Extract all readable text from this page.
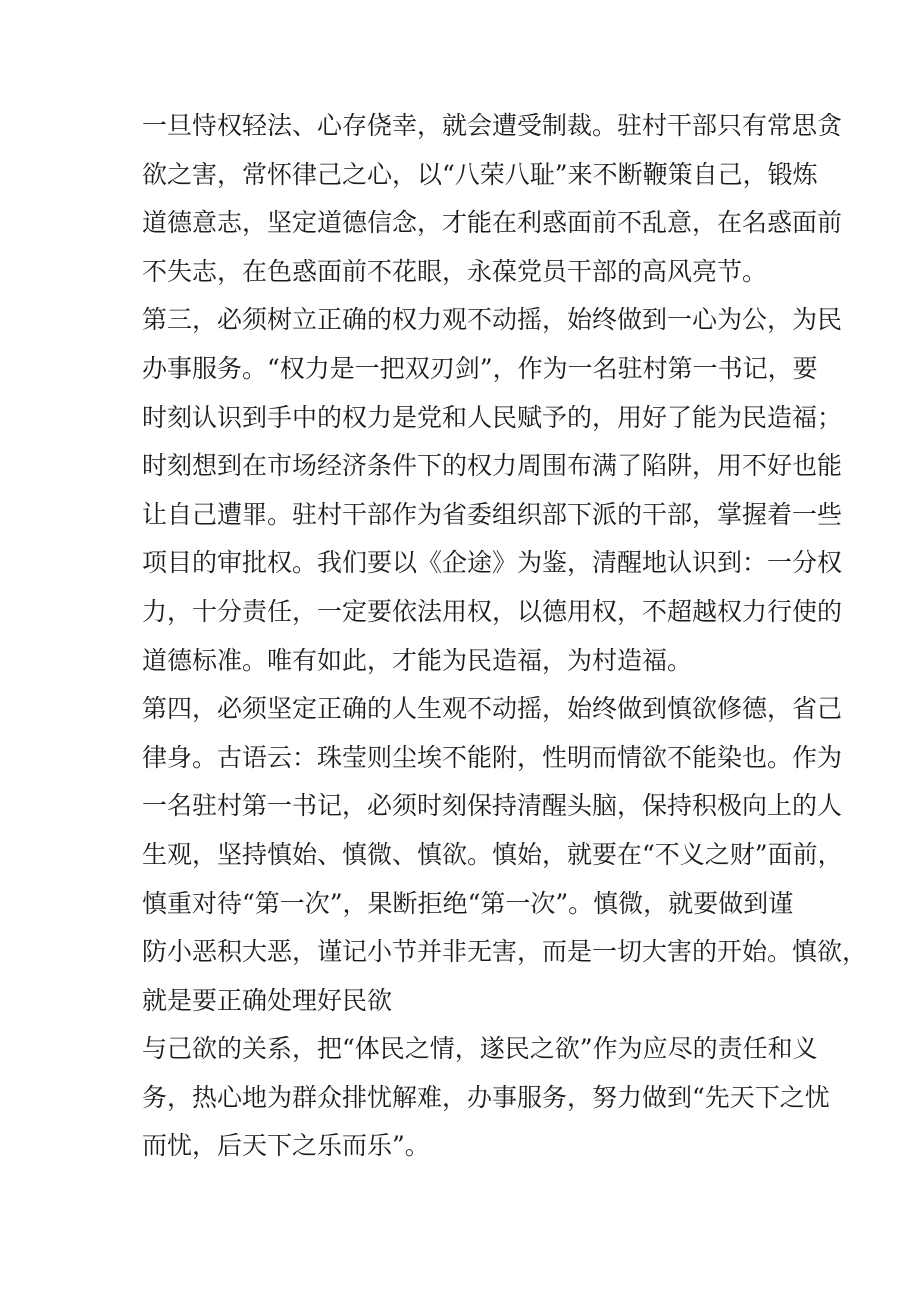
一旦恃权轻法、心存侥幸，就会遭受制裁。驻村干部只有常思贪
欲之害，常怀律己之心，以“八荣八耻”来不断鞭策自己，锻炼
道德意志，坚定道德信念，才能在利惑面前不乱意，在名惑面前
不失志，在色惑面前不花眼，永葆党员干部的高风亮节。
第三，必须树立正确的权力观不动摇，始终做到一心为公，为民
办事服务。“权力是一把双刃剑”，作为一名驻村第一书记，要
时刻认识到手中的权力是党和人民赋予的，用好了能为民造福；
时刻想到在市场经济条件下的权力周围布满了陷阱，用不好也能
让自己遭罪。驻村干部作为省委组织部下派的干部，掌握着一些
项目的审批权。我们要以《企途》为鉴，清醒地认识到：一分权
力，十分责任，一定要依法用权，以德用权，不超越权力行使的
道德标准。唯有如此，才能为民造福，为村造福。
第四，必须坚定正确的人生观不动摇，始终做到慎欲修德，省己
律身。古语云：珠莹则尘埃不能附，性明而情欲不能染也。作为
一名驻村第一书记，必须时刻保持清醒头脑，保持积极向上的人
生观，坚持慎始、慎微、慎欲。慎始，就要在“不义之财”面前，
慎重对待“第一次”，果断拒绝“第一次”。慎微，就要做到谨
防小恶积大恶，谨记小节并非无害，而是一切大害的开始。慎欲，
就是要正确处理好民欲
与己欲的关系，把“体民之情，遂民之欲”作为应尽的责任和义
务，热心地为群众排忧解难，办事服务，努力做到“先天下之忧
而忧，后天下之乐而乐”。
